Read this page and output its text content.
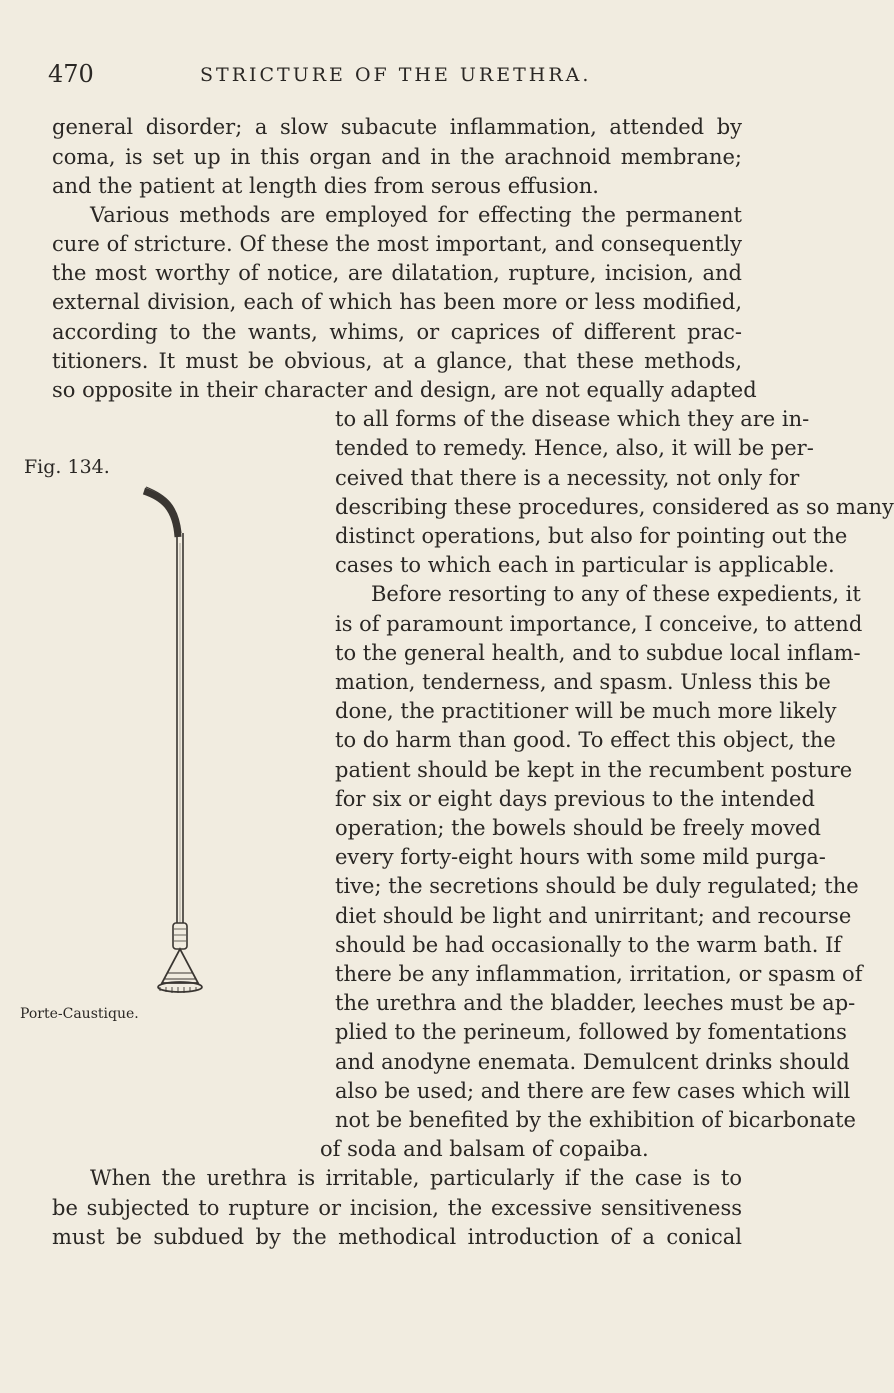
470	STRICTURE OF THE URETHRA.
general disorder; a slow subacute inflammation, attended by
coma, is set up in this organ and in the arachnoid membrane;
and the patient at length dies from serous effusion.
Various methods are employed for effecting the permanent
cure of stricture. Of these the most important, and consequently
the most worthy of notice, are dilatation, rupture, incision, and
external division, each of which has been more or less modified,
according to the wants, whims, or caprices of different prac-
titioners. It must be obvious, at a glance, that these methods,
so opposite in their character and design, are not equally adapted
to all forms of the disease which they are in-
tended to remedy. Hence, also, it will be per-
ceived that there is a necessity, not only for
describing these procedures, considered as so many
distinct operations, but also for pointing out the
cases to which each in particular is applicable.
Before resorting to any of these expedients, it
is of paramount importance, I conceive, to attend
to the general health, and to subdue local inflam-
mation, tenderness, and spasm. Unless this be
done, the practitioner will be much more likely
to do harm than good. To effect this object, the
patient should be kept in the recumbent posture
for six or eight days previous to the intended
operation; the bowels should be freely moved
every forty-eight hours with some mild purga-
tive; the secretions should be duly regulated; the
diet should be light and unirritant; and recourse
should be had occasionally to the warm bath. If
there be any inflammation, irritation, or spasm of
the urethra and the bladder, leeches must be ap-
plied to the perineum, followed by fomentations
and anodyne enemata. Demulcent drinks should
also be used; and there are few cases which will
not be benefited by the exhibition of bicarbonate
of soda and balsam of copaiba.
When the urethra is irritable, particularly if the case is to
be subjected to rupture or incision, the excessive sensitiveness
must be subdued by the methodical introduction of a conical
Fig. 134.
Porte-Caustique.
